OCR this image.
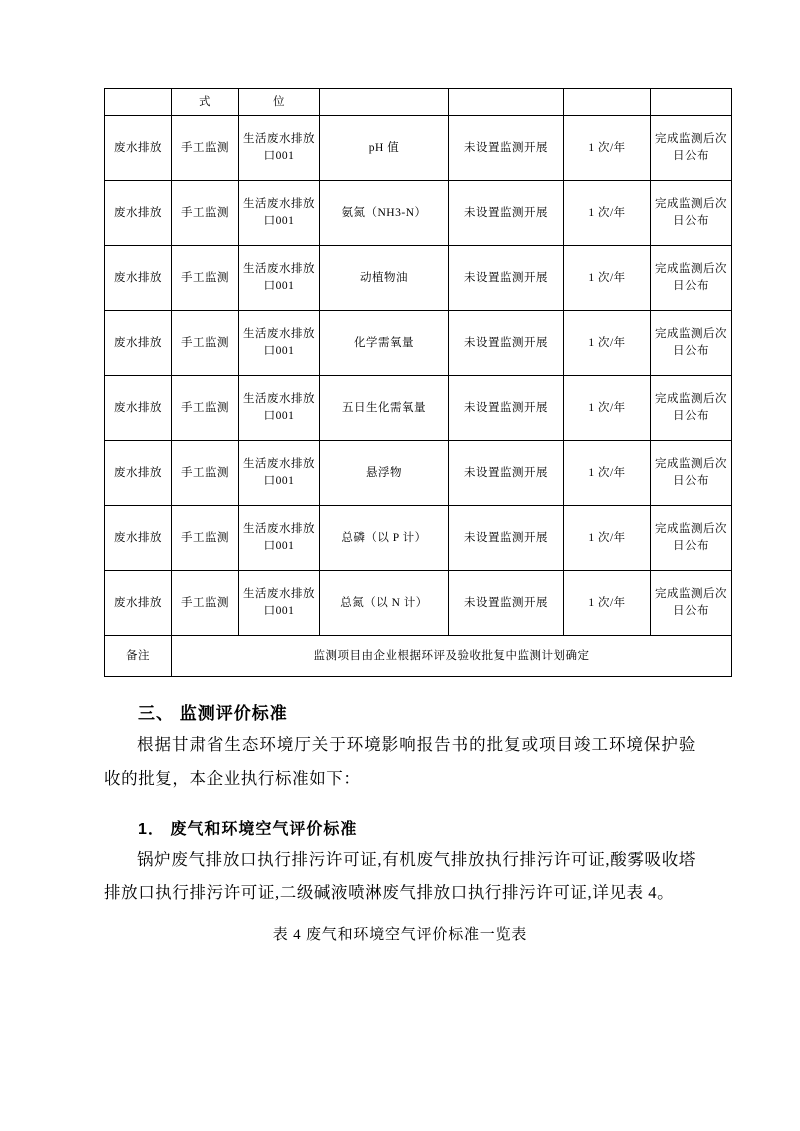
	式	位				
废水排放	手工监测	生活废水排放口001	pH 值	未设置监测开展	1 次/年	完成监测后次日公布
废水排放	手工监测	生活废水排放口001	氨氮（NH3-N）	未设置监测开展	1 次/年	完成监测后次日公布
废水排放	手工监测	生活废水排放口001	动植物油	未设置监测开展	1 次/年	完成监测后次日公布
废水排放	手工监测	生活废水排放口001	化学需氧量	未设置监测开展	1 次/年	完成监测后次日公布
废水排放	手工监测	生活废水排放口001	五日生化需氧量	未设置监测开展	1 次/年	完成监测后次日公布
废水排放	手工监测	生活废水排放口001	悬浮物	未设置监测开展	1 次/年	完成监测后次日公布
废水排放	手工监测	生活废水排放口001	总磷（以 P 计）	未设置监测开展	1 次/年	完成监测后次日公布
废水排放	手工监测	生活废水排放口001	总氮（以 N 计）	未设置监测开展	1 次/年	完成监测后次日公布
备注	监测项目由企业根据环评及验收批复中监测计划确定					
三、 监测评价标准

根据甘肃省生态环境厅关于环境影响报告书的批复或项目竣工环境保护验收的批复，本企业执行标准如下：

1． 废气和环境空气评价标准

锅炉废气排放口执行排污许可证,有机废气排放执行排污许可证,酸雾吸收塔排放口执行排污许可证,二级碱液喷淋废气排放口执行排污许可证,详见表 4。

表 4 废气和环境空气评价标准一览表
